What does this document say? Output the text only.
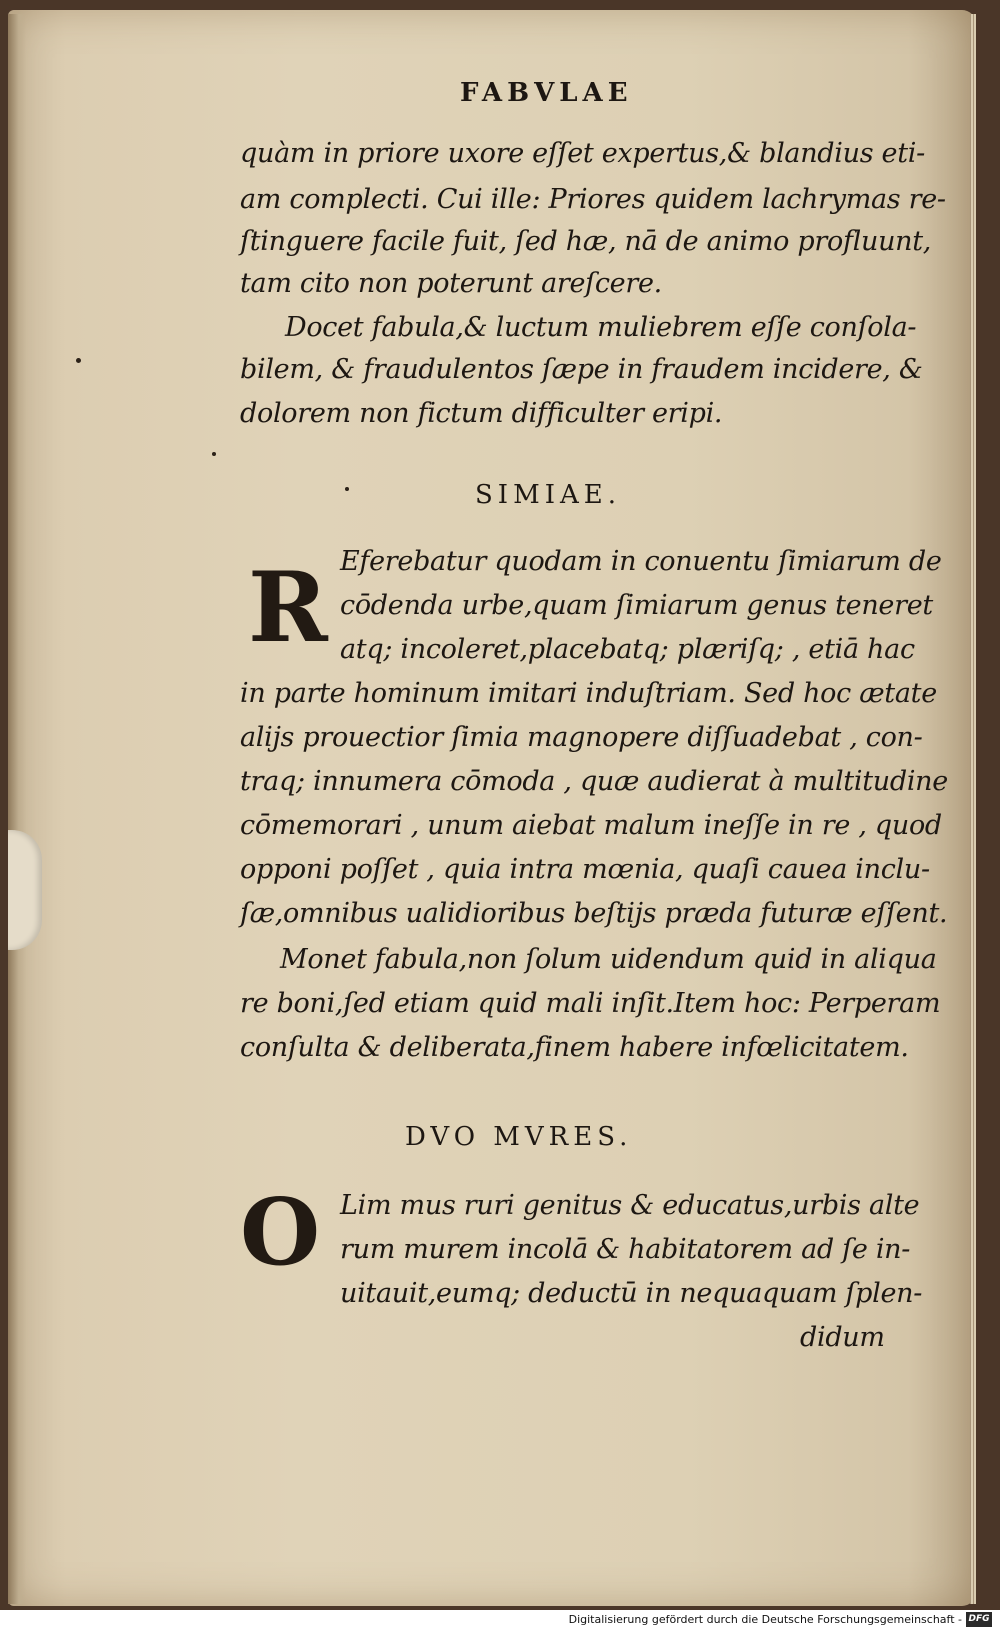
FABVLAE
quàm in priore uxore eſſet expertus,& blandius eti-
am complecti. Cui ille: Priores quidem lachrymas re-
ſtinguere facile fuit, ſed hæ, nā de animo profluunt,
tam cito non poterunt areſcere.
Docet fabula,& luctum muliebrem eſſe conſola-
bilem, & fraudulentos ſæpe in fraudem incidere, &
dolorem non fictum difficulter eripi.
SIMIAE.
R Eferebatur quodam in conuentu ſimiarum de
cōdenda urbe,quam ſimiarum genus teneret
atq; incoleret,placebatq; plæriſq; , etiā hac
in parte hominum imitari induſtriam. Sed hoc ætate
alijs prouectior ſimia magnopere diſſuadebat , con-
traq; innumera cōmoda , quæ audierat à multitudine
cōmemorari , unum aiebat malum ineſſe in re , quod
opponi poſſet , quia intra mœnia, quaſi cauea inclu-
ſæ,omnibus ualidioribus beſtijs præda futuræ eſſent.
Monet fabula,non ſolum uidendum quid in aliqua
re boni,ſed etiam quid mali inſit.Item hoc: Perperam
conſulta & deliberata,finem habere infœlicitatem.
DVO MVRES.
O Lim mus ruri genitus & educatus,urbis alte
rum murem incolā & habitatorem ad ſe in-
uitauit,eumq; deductū in nequaquam ſplen-
didum
Digitalisierung gefördert durch die Deutsche Forschungsgemeinschaft - DFG
